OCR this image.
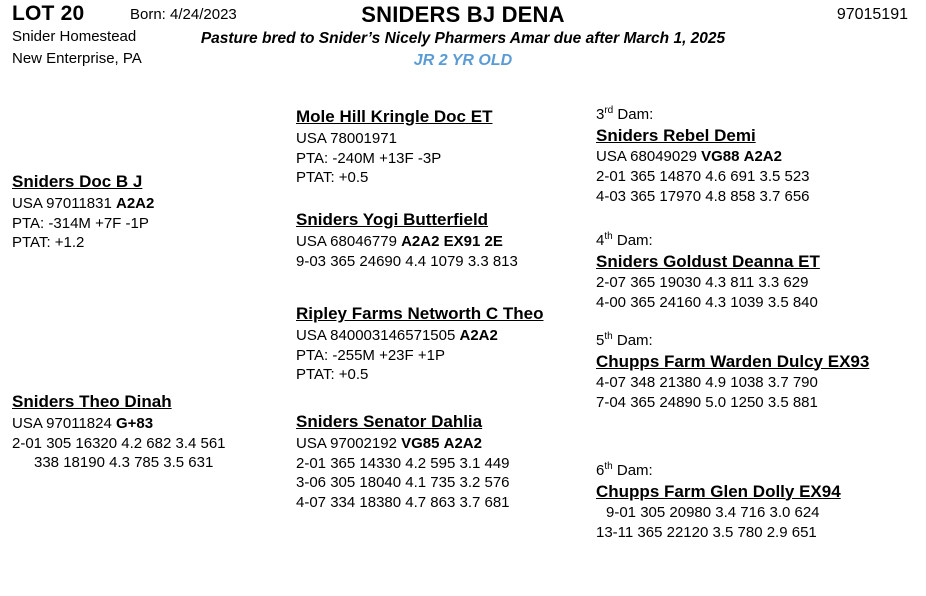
LOT 20	Born: 4/24/2023	SNIDERS BJ DENA	97015191
Snider Homestead
New Enterprise, PA
Pasture bred to Snider’s Nicely Pharmers Amar due after March 1, 2025
JR 2 YR OLD
Sniders Doc B J
USA 97011831 A2A2
PTA: -314M +7F -1P
PTAT: +1.2
Sniders Theo Dinah
USA 97011824 G+83
2-01 305 16320 4.2 682 3.4 561
338 18190 4.3 785 3.5 631
Mole Hill Kringle Doc ET
USA 78001971
PTA: -240M +13F -3P
PTAT: +0.5
Sniders Yogi Butterfield
USA 68046779 A2A2 EX91 2E
9-03 365 24690 4.4 1079 3.3 813
Ripley Farms Networth C Theo
USA 840003146571505 A2A2
PTA: -255M +23F +1P
PTAT: +0.5
Sniders Senator Dahlia
USA 97002192 VG85 A2A2
2-01 365 14330 4.2 595 3.1 449
3-06 305 18040 4.1 735 3.2 576
4-07 334 18380 4.7 863 3.7 681
3rd Dam:
Sniders Rebel Demi
USA 68049029 VG88 A2A2
2-01 365 14870 4.6 691 3.5 523
4-03 365 17970 4.8 858 3.7 656
4th Dam:
Sniders Goldust Deanna ET
2-07 365 19030 4.3 811 3.3 629
4-00 365 24160 4.3 1039 3.5 840
5th Dam:
Chupps Farm Warden Dulcy EX93
4-07 348 21380 4.9 1038 3.7 790
7-04 365 24890 5.0 1250 3.5 881
6th Dam:
Chupps Farm Glen Dolly EX94
9-01 305 20980 3.4 716 3.0 624
13-11 365 22120 3.5 780 2.9 651
